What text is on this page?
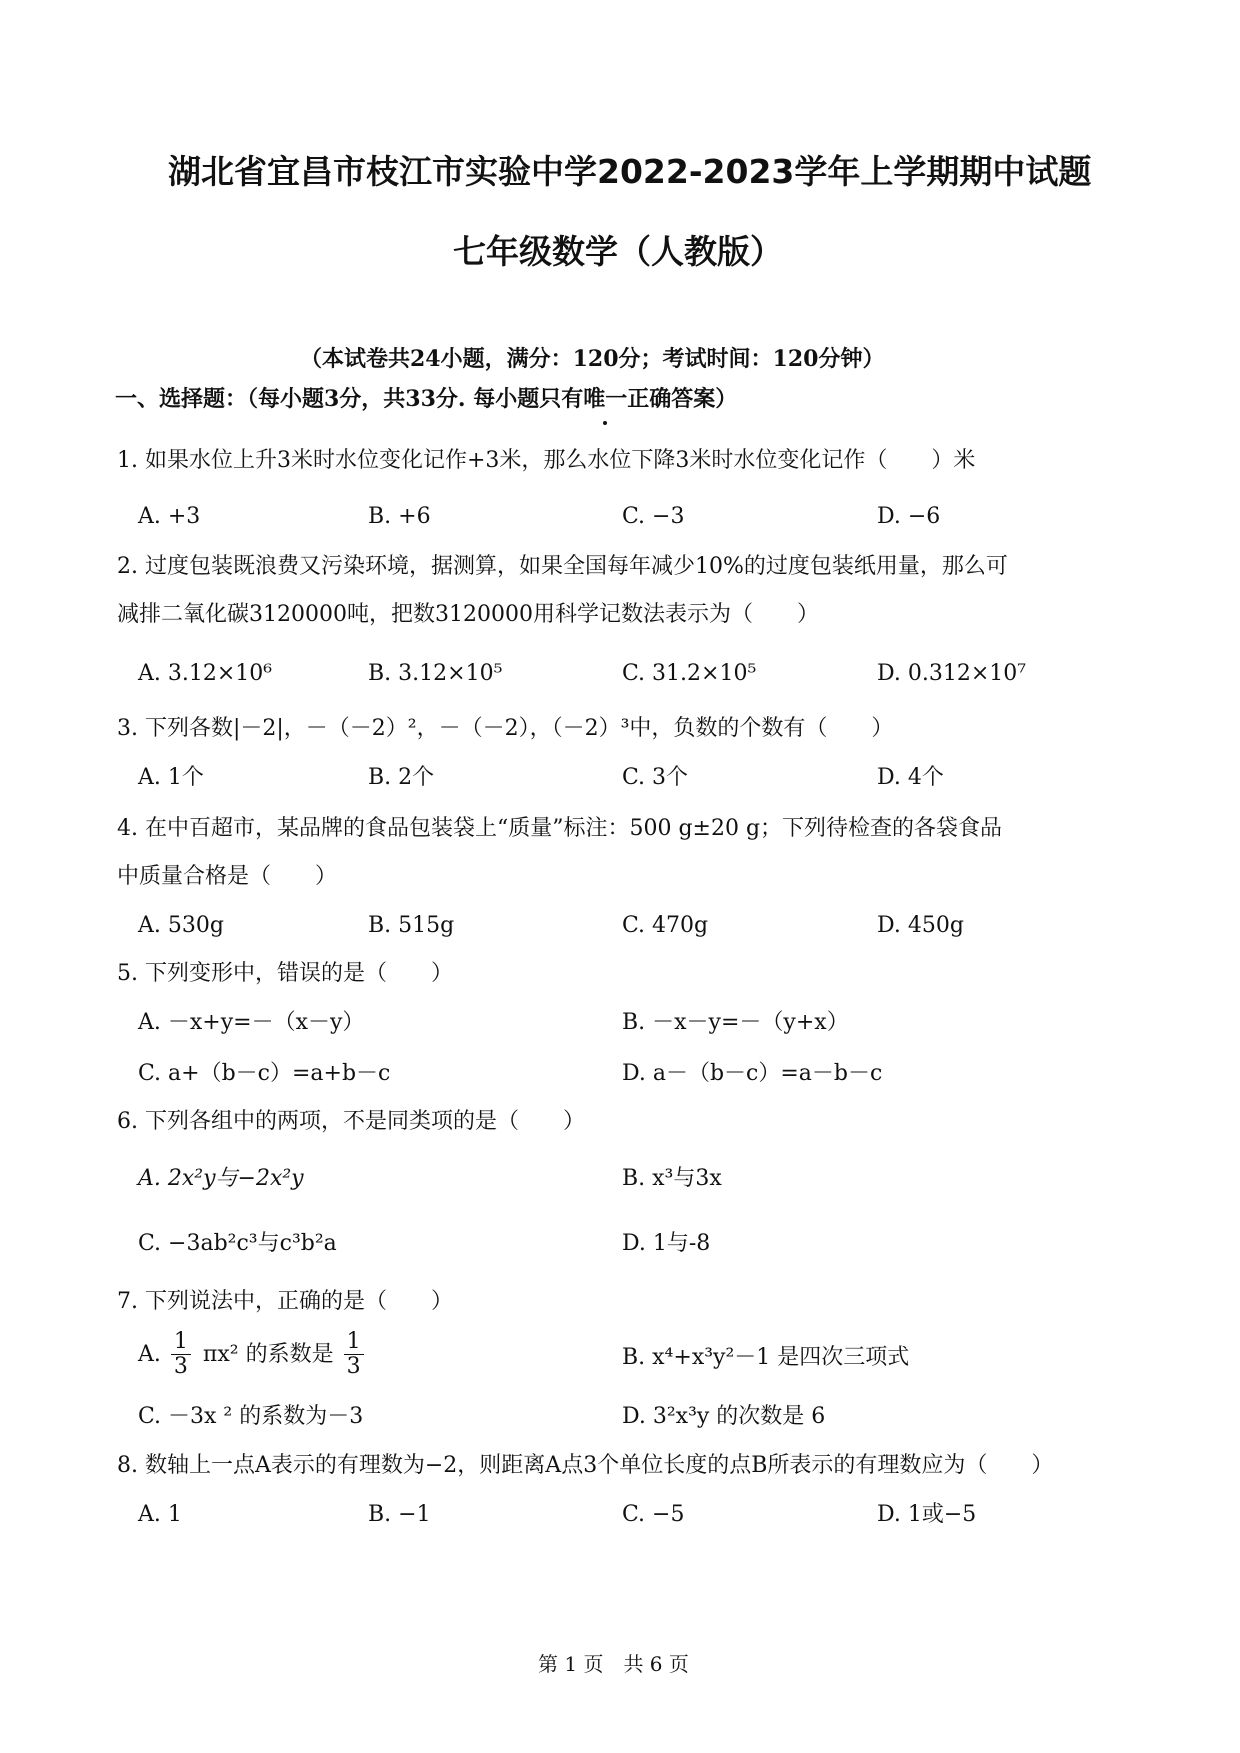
湖北省宜昌市枝江市实验中学2022-2023学年上学期期中试题
七年级数学（人教版）
（本试卷共24小题，满分：120分；考试时间：120分钟）
一、选择题：（每小题3分，共33分. 每小题只有唯一正确答案）
1. 如果水位上升3米时水位变化记作+3米，那么水位下降3米时水位变化记作（　　）米
A. +3	B. +6	C. −3	D. −6
2. 过度包装既浪费又污染环境，据测算，如果全国每年减少10%的过度包装纸用量，那么可
减排二氧化碳3120000吨，把数3120000用科学记数法表示为（　　）
A. 3.12×10⁶	B. 3.12×10⁵	C. 31.2×10⁵	D. 0.312×10⁷
3. 下列各数|－2|，－（－2）²，－（－2），（－2）³中，负数的个数有（　　）
A. 1个	B. 2个	C. 3个	D. 4个
4. 在中百超市，某品牌的食品包装袋上“质量”标注：500 g±20 g；下列待检查的各袋食品
中质量合格是（　　）
A. 530g	B. 515g	C. 470g	D. 450g
5. 下列变形中，错误的是（　　）
A. －x+y=－（x－y）	B. －x－y=－（y+x）
C. a+（b－c）=a+b－c	D. a－（b－c）=a－b－c
6. 下列各组中的两项，不是同类项的是（　　）
A. 2x²y与−2x²y	B. x³与3x
C. −3ab²c³与c³b²a	D. 1与-8
7. 下列说法中，正确的是（　　）
A. $\frac{1}{3} \pi x^2$ 的系数是 $\frac{1}{3}$	B. x⁴+x³y²－1 是四次三项式
C. －3x ² 的系数为－3	D. 3²x³y 的次数是 6
8. 数轴上一点A表示的有理数为−2，则距离A点3个单位长度的点B所表示的有理数应为（　　）
A. 1	B. −1	C. −5	D. 1或−5
第 1 页　共 6 页
